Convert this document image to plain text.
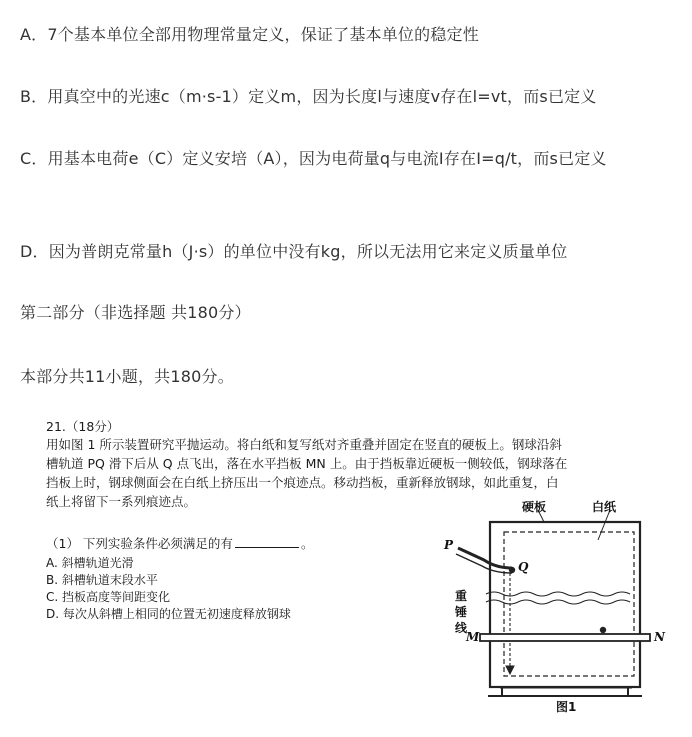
A．7个基本单位全部用物理常量定义，保证了基本单位的稳定性
B．用真空中的光速c（m·s-1）定义m，因为长度l与速度v存在l=vt，而s已定义
C．用基本电荷e（C）定义安培（A），因为电荷量q与电流I存在I=q/t，而s已定义
D．因为普朗克常量h（J·s）的单位中没有kg，所以无法用它来定义质量单位
第二部分（非选择题 共180分）
本部分共11小题，共180分。
21.（18分）
用如图 1 所示装置研究平抛运动。将白纸和复写纸对齐重叠并固定在竖直的硬板上。钢球沿斜
槽轨道 PQ 滑下后从 Q 点飞出，落在水平挡板 MN 上。由于挡板靠近硬板一侧较低，钢球落在
挡板上时，钢球侧面会在白纸上挤压出一个痕迹点。移动挡板，重新释放钢球，如此重复，白
纸上将留下一系列痕迹点。
（1） 下列实验条件必须满足的有	。
A. 斜槽轨道光滑
B. 斜槽轨道末段水平
C. 挡板高度等间距变化
D. 每次从斜槽上相同的位置无初速度释放钢球
硬板	白纸
P
Q
重锤线
M	N
图1
